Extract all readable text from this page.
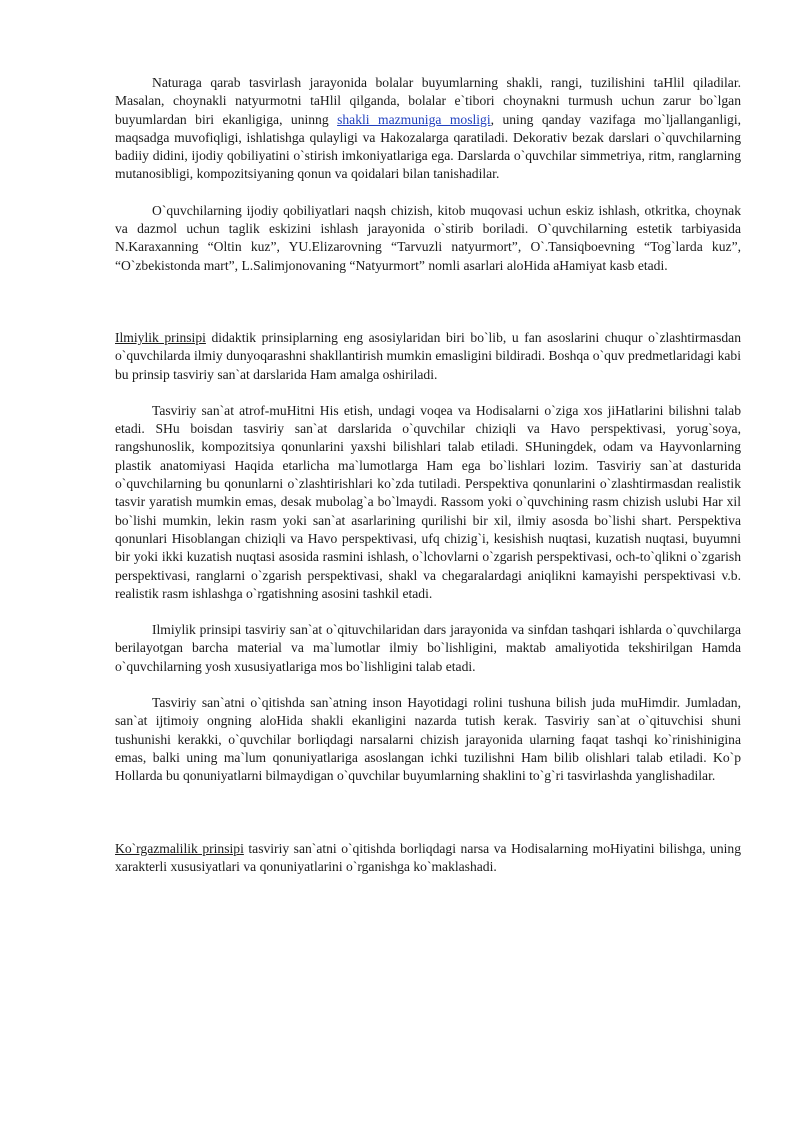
Naturaga qarab tasvirlash jarayonida bolalar buyumlarning shakli, rangi, tuzilishini taHlil qiladilar. Masalan, choynakli natyurmotni taHlil qilganda, bolalar e`tibori choynakni turmush uchun zarur bo`lgan buyumlardan biri ekanligiga, uninng shakli mazmuniga mosligi, uning qanday vazifaga mo`ljallanganligi, maqsadga muvofiqligi, ishlatishga qulayligi va Hakozalarga qaratiladi. Dekorativ bezak darslari o`quvchilarning badiiy didini, ijodiy qobiliyatini o`stirish imkoniyatlariga ega. Darslarda o`quvchilar simmetriya, ritm, ranglarning mutanosibligi, kompozitsiyaning qonun va qoidalari bilan tanishadilar.

O`quvchilarning ijodiy qobiliyatlari naqsh chizish, kitob muqovasi uchun eskiz ishlash, otkritka, choynak va dazmol uchun taglik eskizini ishlash jarayonida o`stirib boriladi. O`quvchilarning estetik tarbiyasida N.Karaxanning “Oltin kuz”, YU.Elizarovning “Tarvuzli natyurmort”, O`.Tansiqboevning “Tog`larda kuz”, “O`zbekistonda mart”, L.Salimjonovaning “Natyurmort” nomli asarlari aloHida aHamiyat kasb etadi.

Ilmiylik prinsipi didaktik prinsiplarning eng asosiylaridan biri bo`lib, u fan asoslarini chuqur o`zlashtirmasdan o`quvchilarda ilmiy dunyoqarashni shakllantirish mumkin emasligini bildiradi. Boshqa o`quv predmetlaridagi kabi bu prinsip tasviriy san`at darslarida Ham amalga oshiriladi.

Tasviriy san`at atrof-muHitni His etish, undagi voqea va Hodisalarni o`ziga xos jiHatlarini bilishni talab etadi. SHu boisdan tasviriy san`at darslarida o`quvchilar chiziqli va Havo perspektivasi, yorug`soya, rangshunoslik, kompozitsiya qonunlarini yaxshi bilishlari talab etiladi. SHuningdek, odam va Hayvonlarning plastik anatomiyasi Haqida etarlicha ma`lumotlarga Ham ega bo`lishlari lozim. Tasviriy san`at dasturida o`quvchilarning bu qonunlarni o`zlashtirishlari ko`zda tutiladi. Perspektiva qonunlarini o`zlashtirmasdan realistik tasvir yaratish mumkin emas, desak mubolag`a bo`lmaydi. Rassom yoki o`quvchining rasm chizish uslubi Har xil bo`lishi mumkin, lekin rasm yoki san`at asarlarining qurilishi bir xil, ilmiy asosda bo`lishi shart. Perspektiva qonunlari Hisoblangan chiziqli va Havo perspektivasi, ufq chizig`i, kesishish nuqtasi, kuzatish nuqtasi, buyumni bir yoki ikki kuzatish nuqtasi asosida rasmini ishlash, o`lchovlarni o`zgarish perspektivasi, och-to`qlikni o`zgarish perspektivasi, ranglarni o`zgarish perspektivasi, shakl va chegaralardagi aniqlikni kamayishi perspektivasi v.b. realistik rasm ishlashga o`rgatishning asosini tashkil etadi.

Ilmiylik prinsipi tasviriy san`at o`qituvchilaridan dars jarayonida va sinfdan tashqari ishlarda o`quvchilarga berilayotgan barcha material va ma`lumotlar ilmiy bo`lishligini, maktab amaliyotida tekshirilgan Hamda o`quvchilarning yosh xususiyatlariga mos bo`lishligini talab etadi.

Tasviriy san`atni o`qitishda san`atning inson Hayotidagi rolini tushuna bilish juda muHimdir. Jumladan, san`at ijtimoiy ongning aloHida shakli ekanligini nazarda tutish kerak. Tasviriy san`at o`qituvchisi shuni tushunishi kerakki, o`quvchilar borliqdagi narsalarni chizish jarayonida ularning faqat tashqi ko`rinishinigina emas, balki uning ma`lum qonuniyatlariga asoslangan ichki tuzilishni Ham bilib olishlari talab etiladi. Ko`p Hollarda bu qonuniyatlarni bilmaydigan o`quvchilar buyumlarning shaklini to`g`ri tasvirlashda yanglishadilar.

Ko`rgazmalilik prinsipi tasviriy san`atni o`qitishda borliqdagi narsa va Hodisalarning moHiyatini bilishga, uning xarakterli xususiyatlari va qonuniyatlarini o`rganishga ko`maklashadi.
